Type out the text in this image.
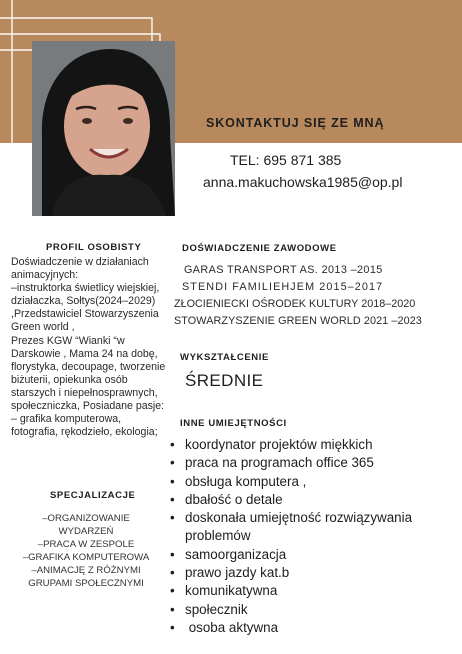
SKONTAKTUJ SIĘ ZE MNĄ
TEL: 695 871 385
anna.makuchowska1985@op.pl
PROFIL OSOBISTY

Doświadczenie w działaniach
animacyjnych:
–instruktorka świetlicy wiejskiej,
działaczka, Sołtys(2024–2029)
,Przedstawiciel Stowarzyszenia
Green world ,
Prezes KGW “Wianki “w
Darskowie , Mama 24 na dobę,
florystyka, decoupage, tworzenie
biżuterii, opiekunka osób
starszych i niepełnosprawnych,
społeczniczka, Posiadane pasje:
– grafika komputerowa,
fotografia, rękodzieło, ekologia;

SPECJALIZACJE
–ORGANIZOWANIE
WYDARZEŃ
–PRACA W ZESPOLE
–GRAFIKA KOMPUTEROWA
–ANIMACJĘ Z RÓŻNYMI
GRUPAMI SPOŁECZNYMI
DOŚWIADCZENIE ZAWODOWE
GARAS TRANSPORT AS. 2013 –2015
STENDI FAMILIEHJEM 2015–2017
ZŁOCIENIECKI OŚRODEK KULTURY 2018–2020
STOWARZYSZENIE GREEN WORLD 2021 –2023
WYKSZTAŁCENIE
ŚREDNIE
INNE UMIEJĘTNOŚCI
• koordynator projektów miękkich
• praca na programach office 365
• obsługa komputera ,
• dbałość o detale
• doskonała umiejętność rozwiązywania problemów
• samoorganizacja
• prawo jazdy kat.b
• komunikatywna
• społecznik
• osoba aktywna
